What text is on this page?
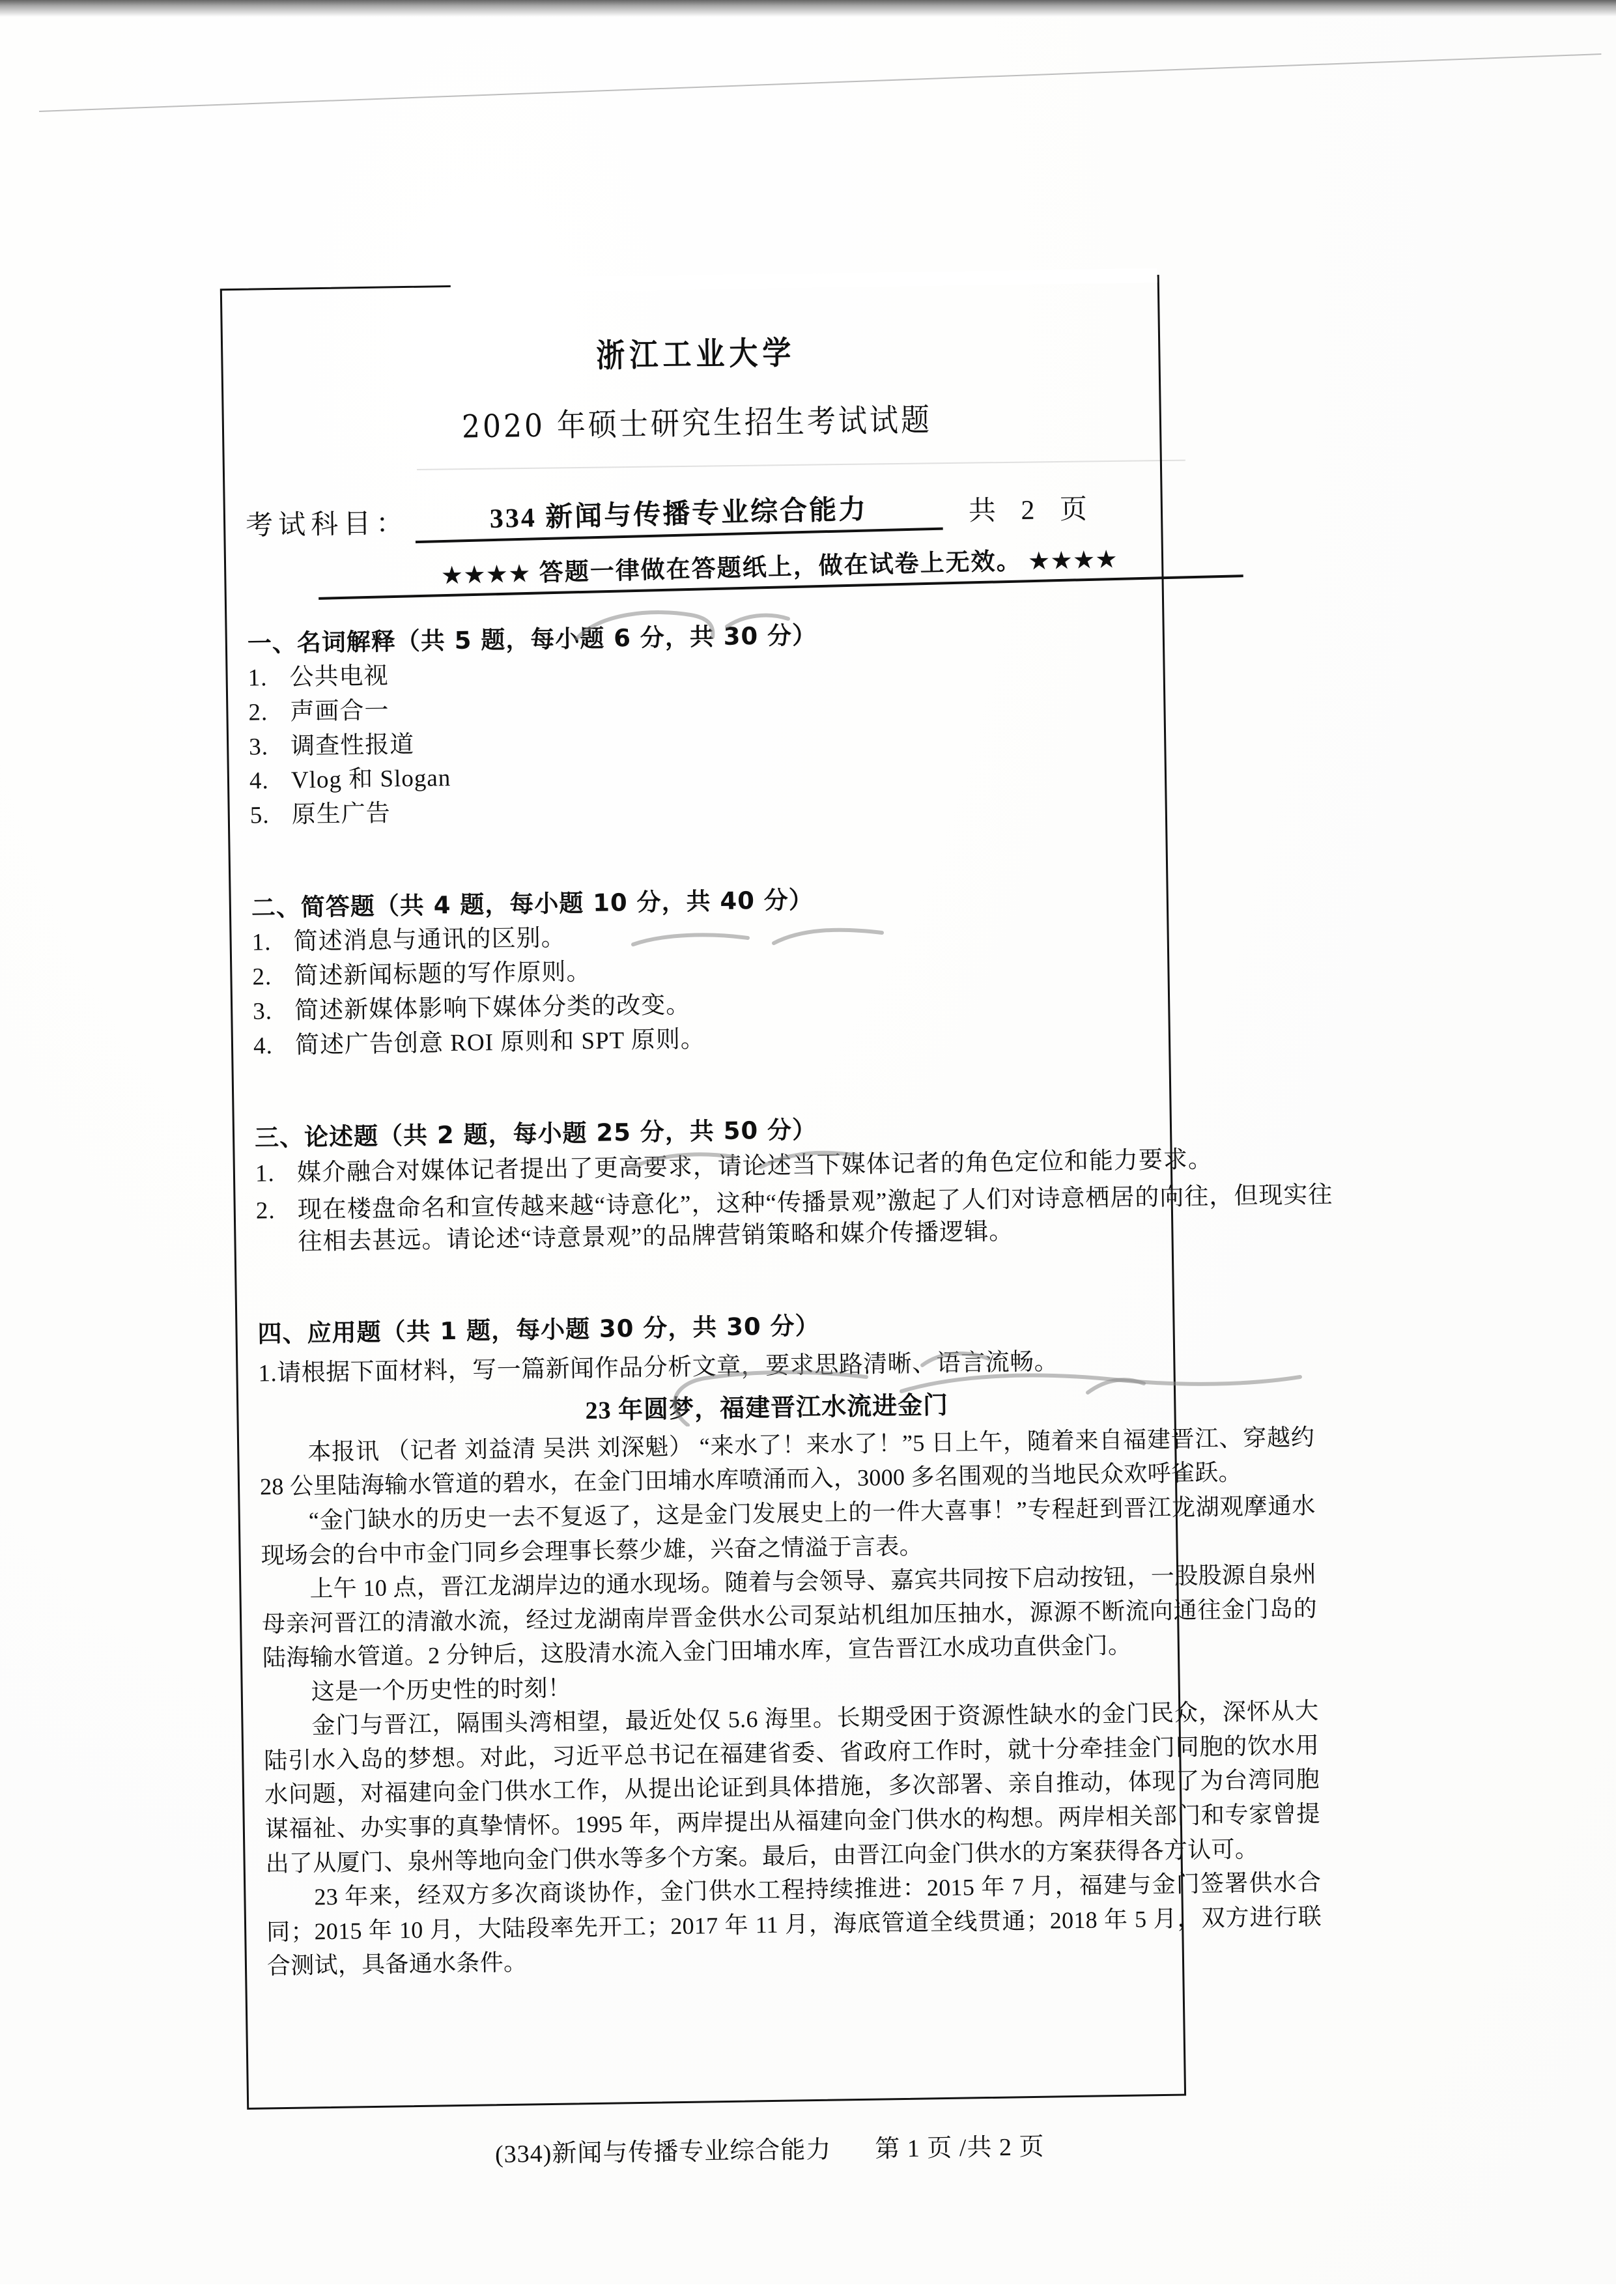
浙江工业大学
2020 年硕士研究生招生考试试题
考试科目：	334 新闻与传播专业综合能力	共 2 页
★★★★ 答题一律做在答题纸上，做在试卷上无效。 ★★★★
一、名词解释（共 5 题，每小题 6 分，共 30 分）
1. 公共电视
2. 声画合一
3. 调查性报道
4. Vlog 和 Slogan
5. 原生广告
二、简答题（共 4 题，每小题 10 分，共 40 分）
1. 简述消息与通讯的区别。
2. 简述新闻标题的写作原则。
3. 简述新媒体影响下媒体分类的改变。
4. 简述广告创意 ROI 原则和 SPT 原则。
三、论述题（共 2 题，每小题 25 分，共 50 分）
1. 媒介融合对媒体记者提出了更高要求，请论述当下媒体记者的角色定位和能力要求。
2. 现在楼盘命名和宣传越来越“诗意化”，这种“传播景观”激起了人们对诗意栖居的向往，但现实往往相去甚远。请论述“诗意景观”的品牌营销策略和媒介传播逻辑。
四、应用题（共 1 题，每小题 30 分，共 30 分）
1.请根据下面材料，写一篇新闻作品分析文章，要求思路清晰、语言流畅。
23 年圆梦，福建晋江水流进金门

本报讯 （记者 刘益清 吴洪 刘深魁） “来水了！来水了！”5 日上午，随着来自福建晋江、穿越约 28 公里陆海输水管道的碧水，在金门田埔水库喷涌而入，3000 多名围观的当地民众欢呼雀跃。

“金门缺水的历史一去不复返了，这是金门发展史上的一件大喜事！”专程赶到晋江龙湖观摩通水现场会的台中市金门同乡会理事长蔡少雄，兴奋之情溢于言表。

上午 10 点，晋江龙湖岸边的通水现场。随着与会领导、嘉宾共同按下启动按钮，一股股源自泉州母亲河晋江的清澈水流，经过龙湖南岸晋金供水公司泵站机组加压抽水，源源不断流向通往金门岛的陆海输水管道。2 分钟后，这股清水流入金门田埔水库，宣告晋江水成功直供金门。

这是一个历史性的时刻！

金门与晋江，隔围头湾相望，最近处仅 5.6 海里。长期受困于资源性缺水的金门民众，深怀从大陆引水入岛的梦想。对此，习近平总书记在福建省委、省政府工作时，就十分牵挂金门同胞的饮水用水问题，对福建向金门供水工作，从提出论证到具体措施，多次部署、亲自推动，体现了为台湾同胞谋福祉、办实事的真挚情怀。1995 年，两岸提出从福建向金门供水的构想。两岸相关部门和专家曾提出了从厦门、泉州等地向金门供水等多个方案。最后，由晋江向金门供水的方案获得各方认可。

23 年来，经双方多次商谈协作，金门供水工程持续推进：2015 年 7 月，福建与金门签署供水合同；2015 年 10 月，大陆段率先开工；2017 年 11 月，海底管道全线贯通；2018 年 5 月，双方进行联合测试，具备通水条件。

(334)新闻与传播专业综合能力 第 1 页 /共 2 页
